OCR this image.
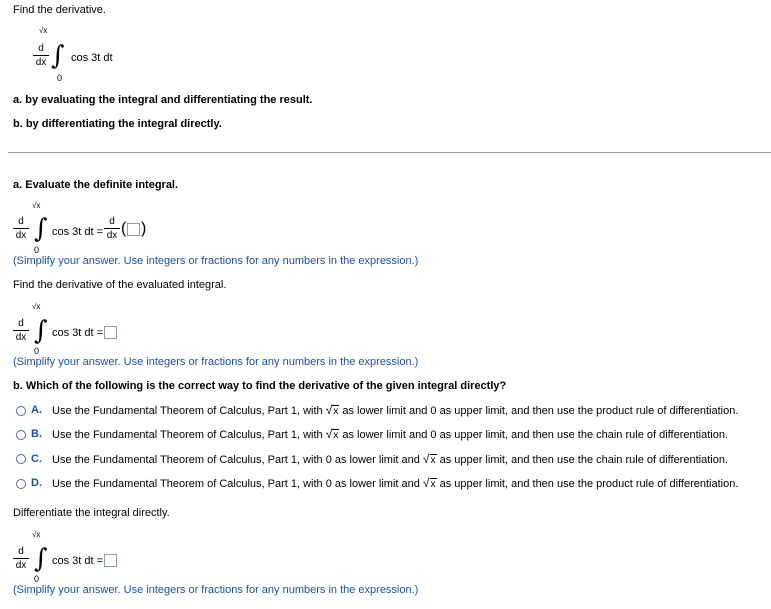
Find the derivative.
√x
$\frac{d}{dx}$ ∫ cos 3t dt
0
a. by evaluating the integral and differentiating the result.
b. by differentiating the integral directly.
a. Evaluate the definite integral.
√x
$\frac{d}{dx}$ ∫ cos 3t dt =
0
$\frac{d}{dx}$ ( )
(Simplify your answer. Use integers or fractions for any numbers in the expression.)
Find the derivative of the evaluated integral.
√x
$\frac{d}{dx}$ ∫ cos 3t dt =
0
(Simplify your answer. Use integers or fractions for any numbers in the expression.)
b. Which of the following is the correct way to find the derivative of the given integral directly?
A. Use the Fundamental Theorem of Calculus, Part 1, with √x as lower limit and 0 as upper limit, and then use the product rule of differentiation.
B. Use the Fundamental Theorem of Calculus, Part 1, with √x as lower limit and 0 as upper limit, and then use the chain rule of differentiation.
C. Use the Fundamental Theorem of Calculus, Part 1, with 0 as lower limit and √x as upper limit, and then use the chain rule of differentiation.
D. Use the Fundamental Theorem of Calculus, Part 1, with 0 as lower limit and √x as upper limit, and then use the product rule of differentiation.
Differentiate the integral directly.
√x
$\frac{d}{dx}$ ∫ cos 3t dt =
0
(Simplify your answer. Use integers or fractions for any numbers in the expression.)
